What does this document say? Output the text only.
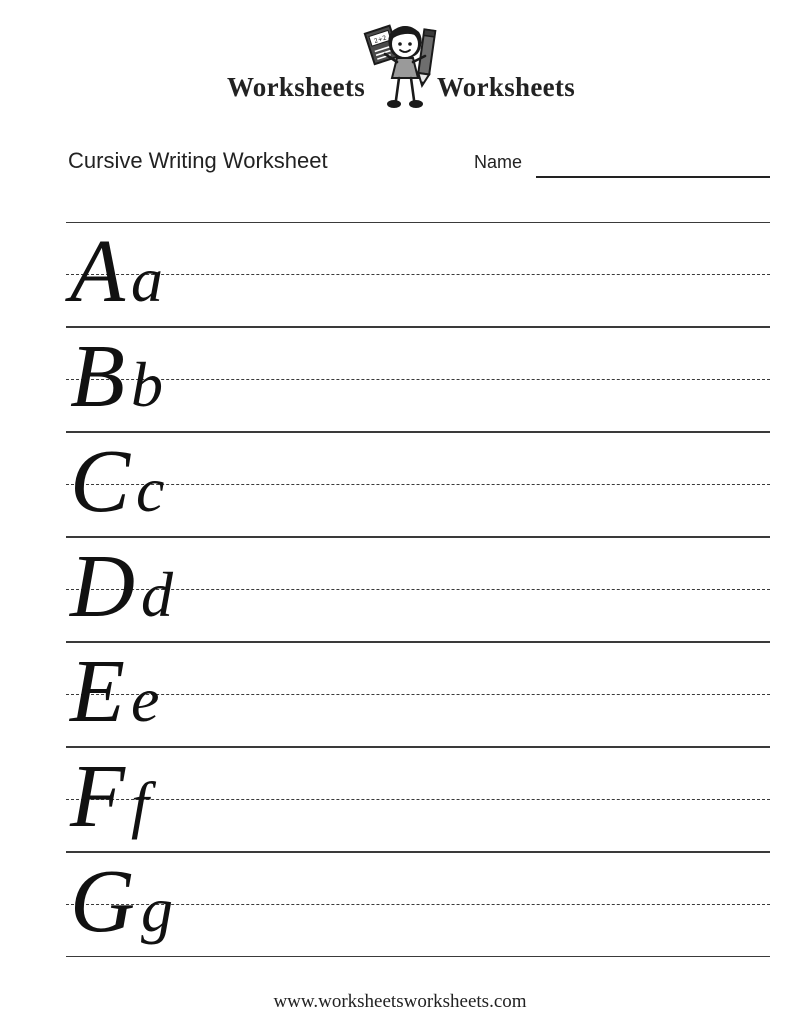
Worksheets
2+2
Worksheets
Cursive Writing Worksheet	Name
Aa
Bb
Cc
Dd
Ee
Ff
Gg
www.worksheetsworksheets.com
